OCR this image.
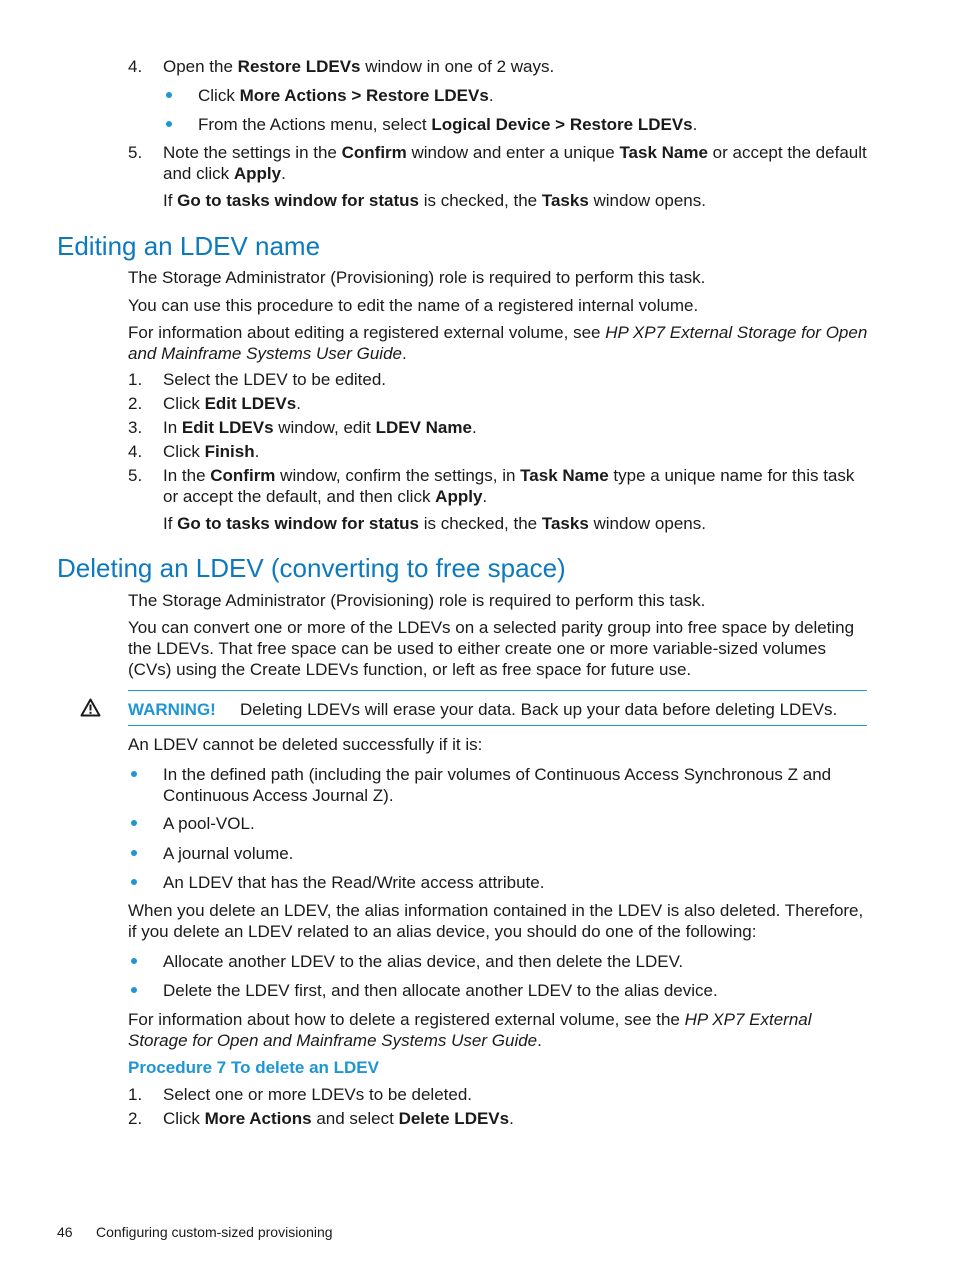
4. Open the Restore LDEVs window in one of 2 ways.
Click More Actions > Restore LDEVs.
From the Actions menu, select Logical Device > Restore LDEVs.
5. Note the settings in the Confirm window and enter a unique Task Name or accept the default and click Apply.
If Go to tasks window for status is checked, the Tasks window opens.
Editing an LDEV name
The Storage Administrator (Provisioning) role is required to perform this task.
You can use this procedure to edit the name of a registered internal volume.
For information about editing a registered external volume, see HP XP7 External Storage for Open and Mainframe Systems User Guide.
1. Select the LDEV to be edited.
2. Click Edit LDEVs.
3. In Edit LDEVs window, edit LDEV Name.
4. Click Finish.
5. In the Confirm window, confirm the settings, in Task Name type a unique name for this task or accept the default, and then click Apply.
If Go to tasks window for status is checked, the Tasks window opens.
Deleting an LDEV (converting to free space)
The Storage Administrator (Provisioning) role is required to perform this task.
You can convert one or more of the LDEVs on a selected parity group into free space by deleting the LDEVs. That free space can be used to either create one or more variable-sized volumes (CVs) using the Create LDEVs function, or left as free space for future use.
WARNING! Deleting LDEVs will erase your data. Back up your data before deleting LDEVs.
An LDEV cannot be deleted successfully if it is:
In the defined path (including the pair volumes of Continuous Access Synchronous Z and Continuous Access Journal Z).
A pool-VOL.
A journal volume.
An LDEV that has the Read/Write access attribute.
When you delete an LDEV, the alias information contained in the LDEV is also deleted. Therefore, if you delete an LDEV related to an alias device, you should do one of the following:
Allocate another LDEV to the alias device, and then delete the LDEV.
Delete the LDEV first, and then allocate another LDEV to the alias device.
For information about how to delete a registered external volume, see the HP XP7 External Storage for Open and Mainframe Systems User Guide.
Procedure 7 To delete an LDEV
1. Select one or more LDEVs to be deleted.
2. Click More Actions and select Delete LDEVs.
46 Configuring custom-sized provisioning
